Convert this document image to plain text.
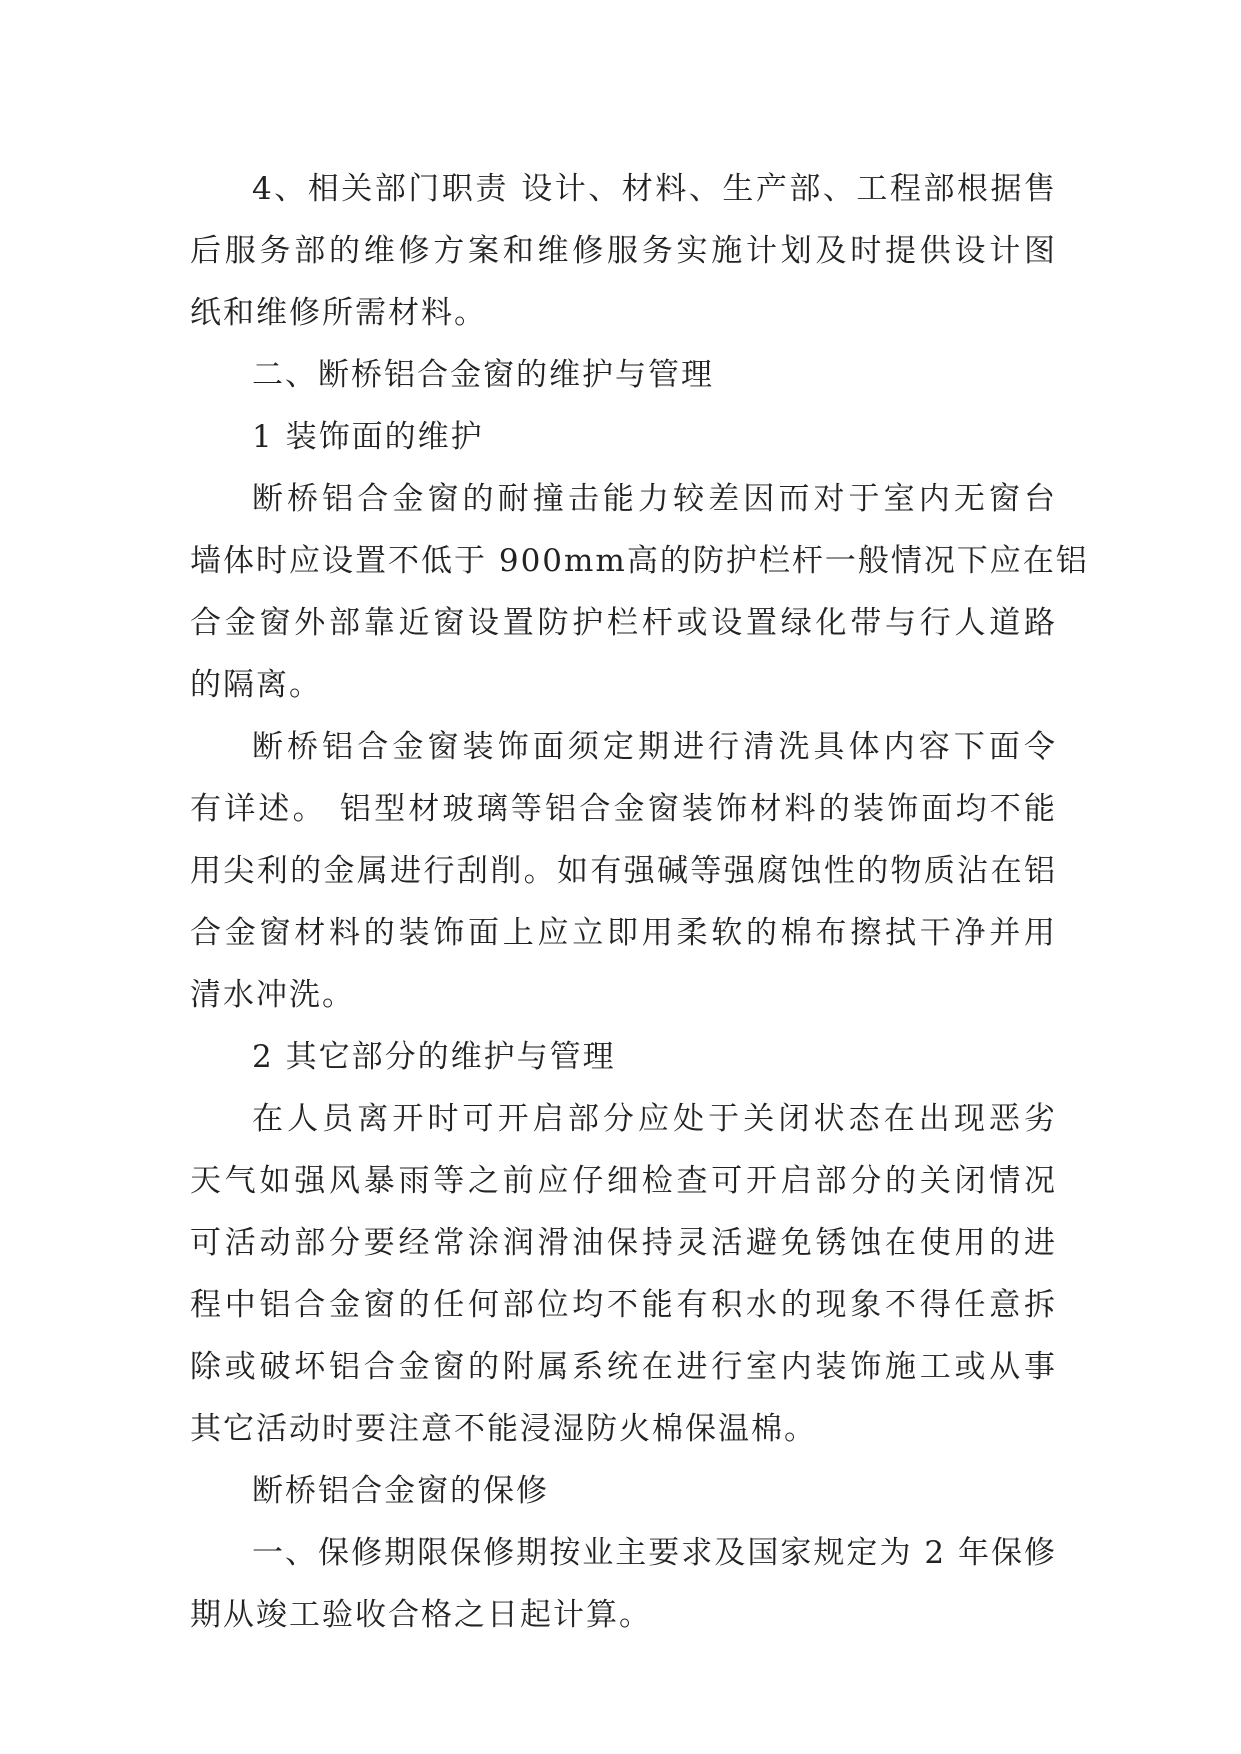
4、相关部门职责 设计、材料、生产部、工程部根据售
后服务部的维修方案和维修服务实施计划及时提供设计图
纸和维修所需材料。
二、断桥铝合金窗的维护与管理
1 装饰面的维护
断桥铝合金窗的耐撞击能力较差因而对于室内无窗台
墙体时应设置不低于 900mm高的防护栏杆一般情况下应在铝
合金窗外部靠近窗设置防护栏杆或设置绿化带与行人道路
的隔离。
断桥铝合金窗装饰面须定期进行清洗具体内容下面令
有详述。 铝型材玻璃等铝合金窗装饰材料的装饰面均不能
用尖利的金属进行刮削。如有强碱等强腐蚀性的物质沾在铝
合金窗材料的装饰面上应立即用柔软的棉布擦拭干净并用
清水冲洗。
2 其它部分的维护与管理
在人员离开时可开启部分应处于关闭状态在出现恶劣
天气如强风暴雨等之前应仔细检查可开启部分的关闭情况
可活动部分要经常涂润滑油保持灵活避免锈蚀在使用的进
程中铝合金窗的任何部位均不能有积水的现象不得任意拆
除或破坏铝合金窗的附属系统在进行室内装饰施工或从事
其它活动时要注意不能浸湿防火棉保温棉。
断桥铝合金窗的保修
一、保修期限保修期按业主要求及国家规定为 2 年保修
期从竣工验收合格之日起计算。
